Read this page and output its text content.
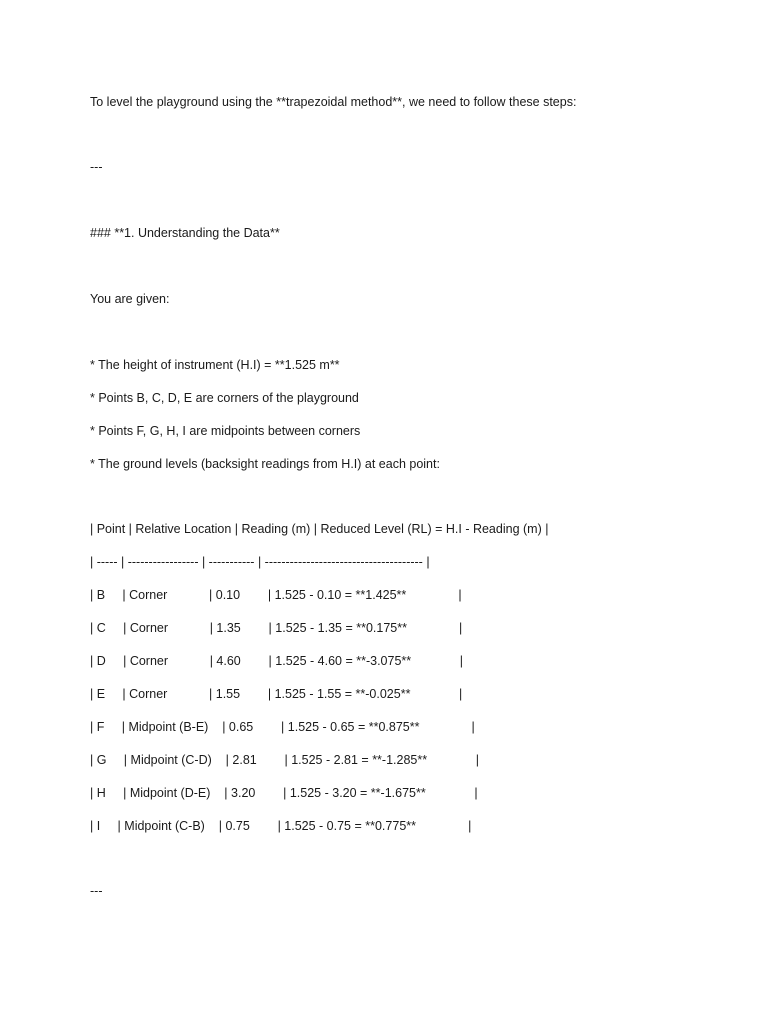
To level the playground using the **trapezoidal method**, we need to follow these steps:

---

### **1. Understanding the Data**

You are given:

* The height of instrument (H.I) = **1.525 m**

* Points B, C, D, E are corners of the playground

* Points F, G, H, I are midpoints between corners

* The ground levels (backsight readings from H.I) at each point:

| Point | Relative Location | Reading (m) | Reduced Level (RL) = H.I - Reading (m) |

| ----- | ----------------- | ----------- | -------------------------------------- |

| B     | Corner            | 0.10        | 1.525 - 0.10 = **1.425**               |

| C     | Corner            | 1.35        | 1.525 - 1.35 = **0.175**               |

| D     | Corner            | 4.60        | 1.525 - 4.60 = **-3.075**              |

| E     | Corner            | 1.55        | 1.525 - 1.55 = **-0.025**              |

| F     | Midpoint (B-E)    | 0.65        | 1.525 - 0.65 = **0.875**               |

| G     | Midpoint (C-D)    | 2.81        | 1.525 - 2.81 = **-1.285**              |

| H     | Midpoint (D-E)    | 3.20        | 1.525 - 3.20 = **-1.675**              |

| I     | Midpoint (C-B)    | 0.75        | 1.525 - 0.75 = **0.775**               |

---
